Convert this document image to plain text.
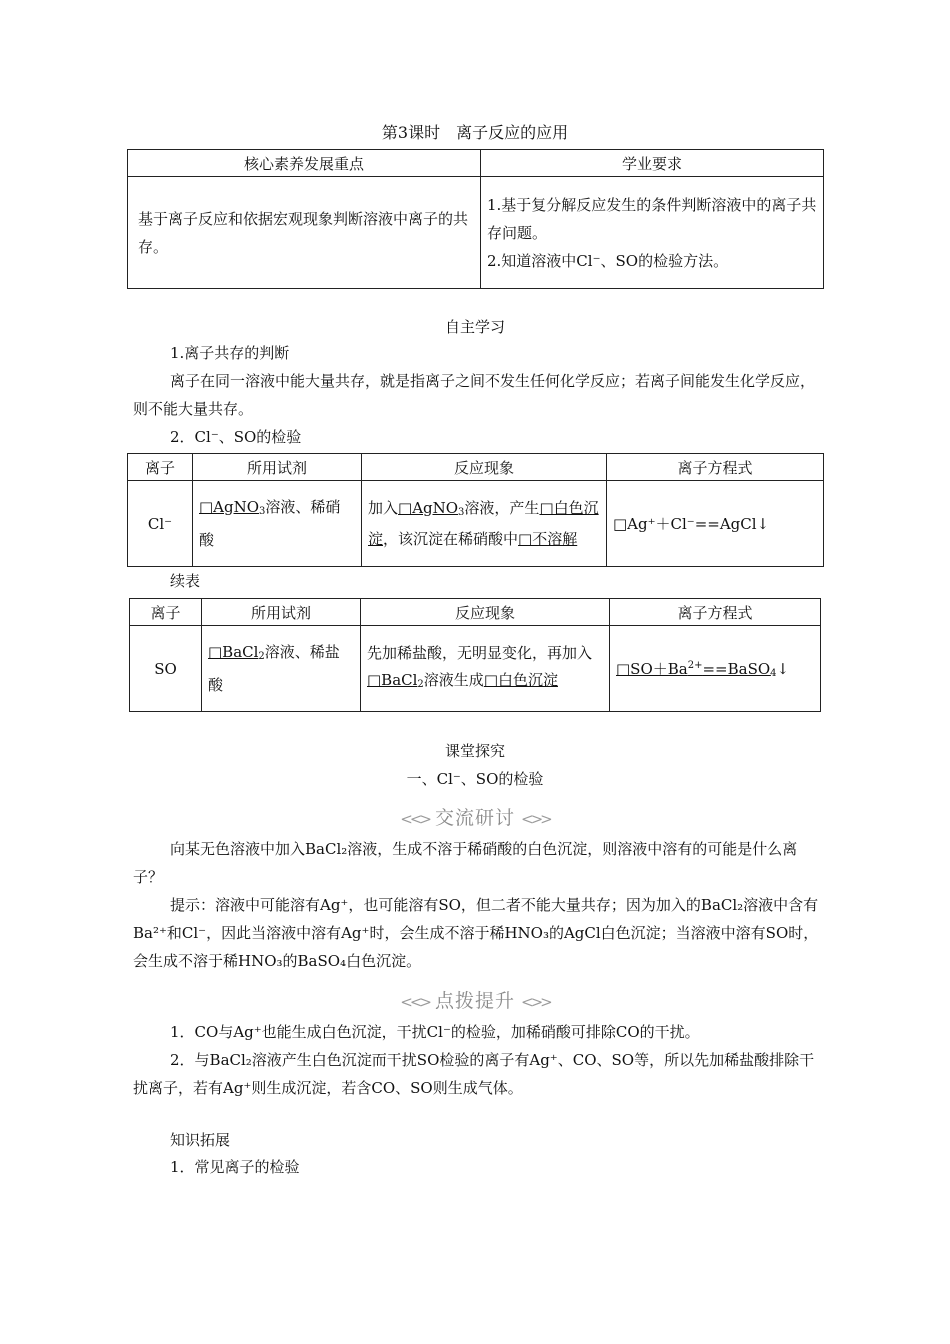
第3课时　离子反应的应用
核心素养发展重点	学业要求
基于离子反应和依据宏观现象判断溶液中离子的共存。	1.基于复分解反应发生的条件判断溶液中的离子共存问题。
2.知道溶液中Cl⁻、SO的检验方法。
自主学习
1.离子共存的判断
离子在同一溶液中能大量共存，就是指离子之间不发生任何化学反应；若离子间能发生化学反应，则不能大量共存。
2．Cl⁻、SO的检验
离子	所用试剂	反应现象	离子方程式
Cl⁻	□AgNO$_3$溶液、稀硝酸	加入□AgNO$_3$溶液，产生□白色沉淀，该沉淀在稀硝酸中□不溶解	□Ag⁺＋Cl⁻==AgCl↓
续表
离子	所用试剂	反应现象	离子方程式
SO	□BaCl$_2$溶液、稀盐酸	先加稀盐酸，无明显变化，再加入□BaCl$_2$溶液生成□白色沉淀	$□SO+Ba^{2+}==BaSO_4↓$
课堂探究
一、Cl⁻、SO的检验
<<> 交流研讨 <>>
向某无色溶液中加入BaCl₂溶液，生成不溶于稀硝酸的白色沉淀，则溶液中溶有的可能是什么离子？
提示：溶液中可能溶有Ag⁺，也可能溶有SO，但二者不能大量共存；因为加入的BaCl₂溶液中含有Ba²⁺和Cl⁻，因此当溶液中溶有Ag⁺时，会生成不溶于稀HNO₃的AgCl白色沉淀；当溶液中溶有SO时，会生成不溶于稀HNO₃的BaSO₄白色沉淀。
<<> 点拨提升 <>>
1．CO与Ag⁺也能生成白色沉淀，干扰Cl⁻的检验，加稀硝酸可排除CO的干扰。
2．与BaCl₂溶液产生白色沉淀而干扰SO检验的离子有Ag⁺、CO、SO等，所以先加稀盐酸排除干扰离子，若有Ag⁺则生成沉淀，若含CO、SO则生成气体。
知识拓展
1．常见离子的检验
